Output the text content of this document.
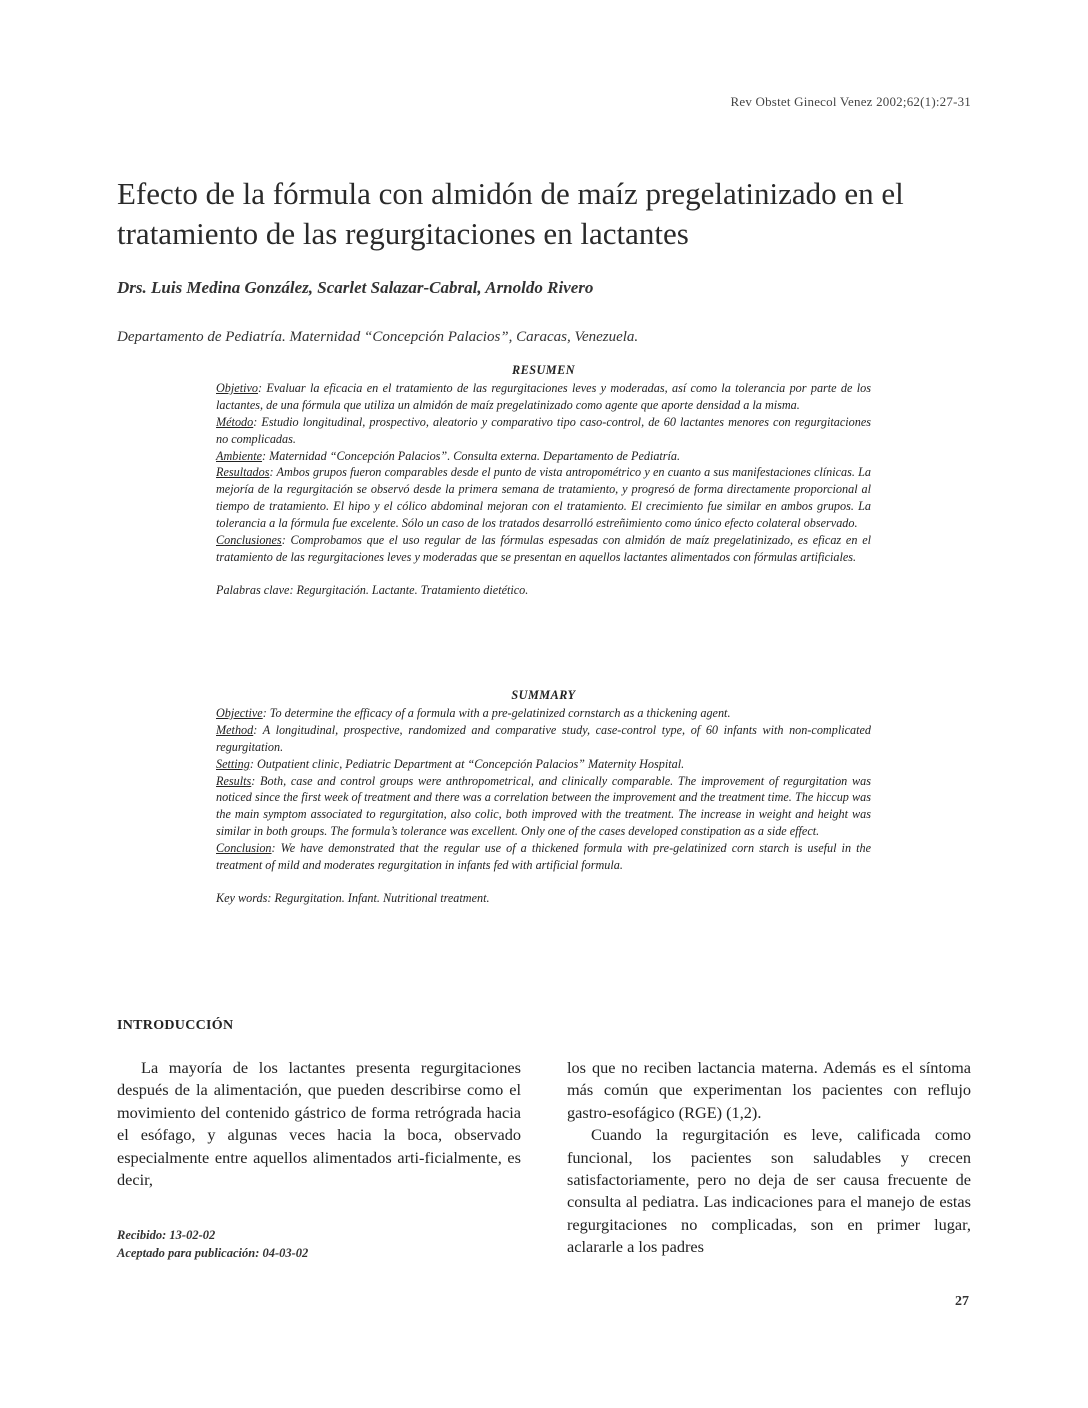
Rev Obstet Ginecol Venez 2002;62(1):27-31
Efecto de la fórmula con almidón de maíz pregelatinizado en el tratamiento de las regurgitaciones en lactantes
Drs. Luis Medina González, Scarlet Salazar-Cabral, Arnoldo Rivero
Departamento de Pediatría. Maternidad “Concepción Palacios”, Caracas, Venezuela.

RESUMEN

Objetivo: Evaluar la eficacia en el tratamiento de las regurgitaciones leves y moderadas, así como la tolerancia por parte de los lactantes, de una fórmula que utiliza un almidón de maíz pregelatinizado como agente que aporte densidad a la misma.

Método: Estudio longitudinal, prospectivo, aleatorio y comparativo tipo caso-control, de 60 lactantes menores con regurgitaciones no complicadas.

Ambiente: Maternidad “Concepción Palacios”. Consulta externa. Departamento de Pediatría.

Resultados: Ambos grupos fueron comparables desde el punto de vista antropométrico y en cuanto a sus manifestaciones clínicas. La mejoría de la regurgitación se observó desde la primera semana de tratamiento, y progresó de forma directamente proporcional al tiempo de tratamiento. El hipo y el cólico abdominal mejoran con el tratamiento. El crecimiento fue similar en ambos grupos. La tolerancia a la fórmula fue excelente. Sólo un caso de los tratados desarrolló estreñimiento como único efecto colateral observado.

Conclusiones: Comprobamos que el uso regular de las fórmulas espesadas con almidón de maíz pregelatinizado, es eficaz en el tratamiento de las regurgitaciones leves y moderadas que se presentan en aquellos lactantes alimentados con fórmulas artificiales.

Palabras clave: Regurgitación. Lactante. Tratamiento dietético.

SUMMARY

Objective: To determine the efficacy of a formula with a pre-gelatinized cornstarch as a thickening agent.

Method: A longitudinal, prospective, randomized and comparative study, case-control type, of 60 infants with non-complicated regurgitation.

Setting: Outpatient clinic, Pediatric Department at “Concepción Palacios” Maternity Hospital.

Results: Both, case and control groups were anthropometrical, and clinically comparable. The improvement of regurgitation was noticed since the first week of treatment and there was a correlation between the improvement and the treatment time. The hiccup was the main symptom associated to regurgitation, also colic, both improved with the treatment. The increase in weight and height was similar in both groups. The formula’s tolerance was excellent. Only one of the cases developed constipation as a side effect.

Conclusion: We have demonstrated that the regular use of a thickened formula with pre-gelatinized corn starch is useful in the treatment of mild and moderates regurgitation in infants fed with artificial formula.

Key words: Regurgitation. Infant. Nutritional treatment.

INTRODUCCIÓN

La mayoría de los lactantes presenta regurgitaciones después de la alimentación, que pueden describirse como el movimiento del contenido gástrico de forma retrógrada hacia el esófago, y algunas veces hacia la boca, observado especialmente entre aquellos alimentados arti-ficialmente, es decir,

los que no reciben lactancia materna. Además es el síntoma más común que experimentan los pacientes con reflujo gastro-esofágico (RGE) (1,2).

Cuando la regurgitación es leve, calificada como funcional, los pacientes son saludables y crecen satisfactoriamente, pero no deja de ser causa frecuente de consulta al pediatra. Las indicaciones para el manejo de estas regurgitaciones no complicadas, son en primer lugar, aclararle a los padres

Recibido: 13-02-02
Aceptado para publicación: 04-03-02
27
